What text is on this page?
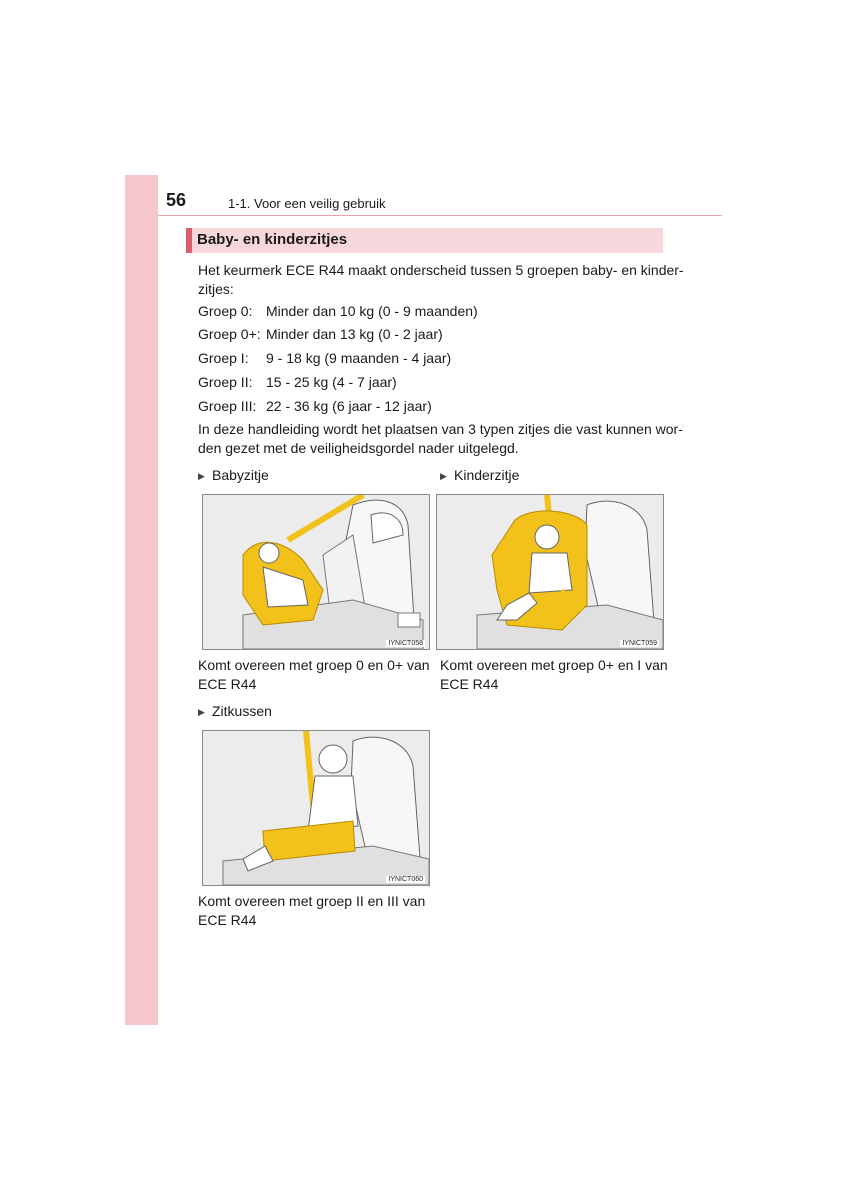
56	1-1. Voor een veilig gebruik
Baby- en kinderzitjes
Het keurmerk ECE R44 maakt onderscheid tussen 5 groepen baby- en kinder-
zitjes:
Groep 0: Minder dan 10 kg (0 - 9 maanden)
Groep 0+: Minder dan 13 kg (0 - 2 jaar)
Groep I: 9 - 18 kg (9 maanden - 4 jaar)
Groep II: 15 - 25 kg (4 - 7 jaar)
Groep III: 22 - 36 kg (6 jaar - 12 jaar)
In deze handleiding wordt het plaatsen van 3 typen zitjes die vast kunnen wor-
den gezet met de veiligheidsgordel nader uitgelegd.
▶ Babyzitje
IYNICT058
Komt overeen met groep 0 en 0+ van
ECE R44
▶ Kinderzitje
IYNICT059
Komt overeen met groep 0+ en I van
ECE R44
▶ Zitkussen
IYNICT060
Komt overeen met groep II en III van
ECE R44
